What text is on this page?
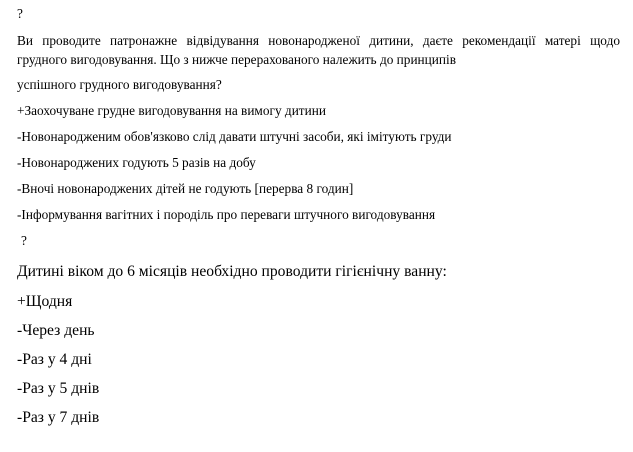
?
Ви проводите патронажне відвідування новонародженої дитини, даєте рекомендації матері щодо
грудного вигодовування. Що з нижче перерахованого належить до принципів
успішного грудного вигодовування?
+Заохочуване грудне вигодовування на вимогу дитини
-Новонародженим обов'язково слід давати штучні засоби, які імітують груди
-Новонароджених годують 5 разів на добу
-Вночі новонароджених дітей не годують [перерва 8 годин]
-Інформування вагітних і породіль про переваги штучного вигодовування
?
Дитині віком до 6 місяців необхідно проводити гігієнічну ванну:
+Щодня
-Через день
-Раз у 4 дні
-Раз у 5 днів
-Раз у 7 днів
